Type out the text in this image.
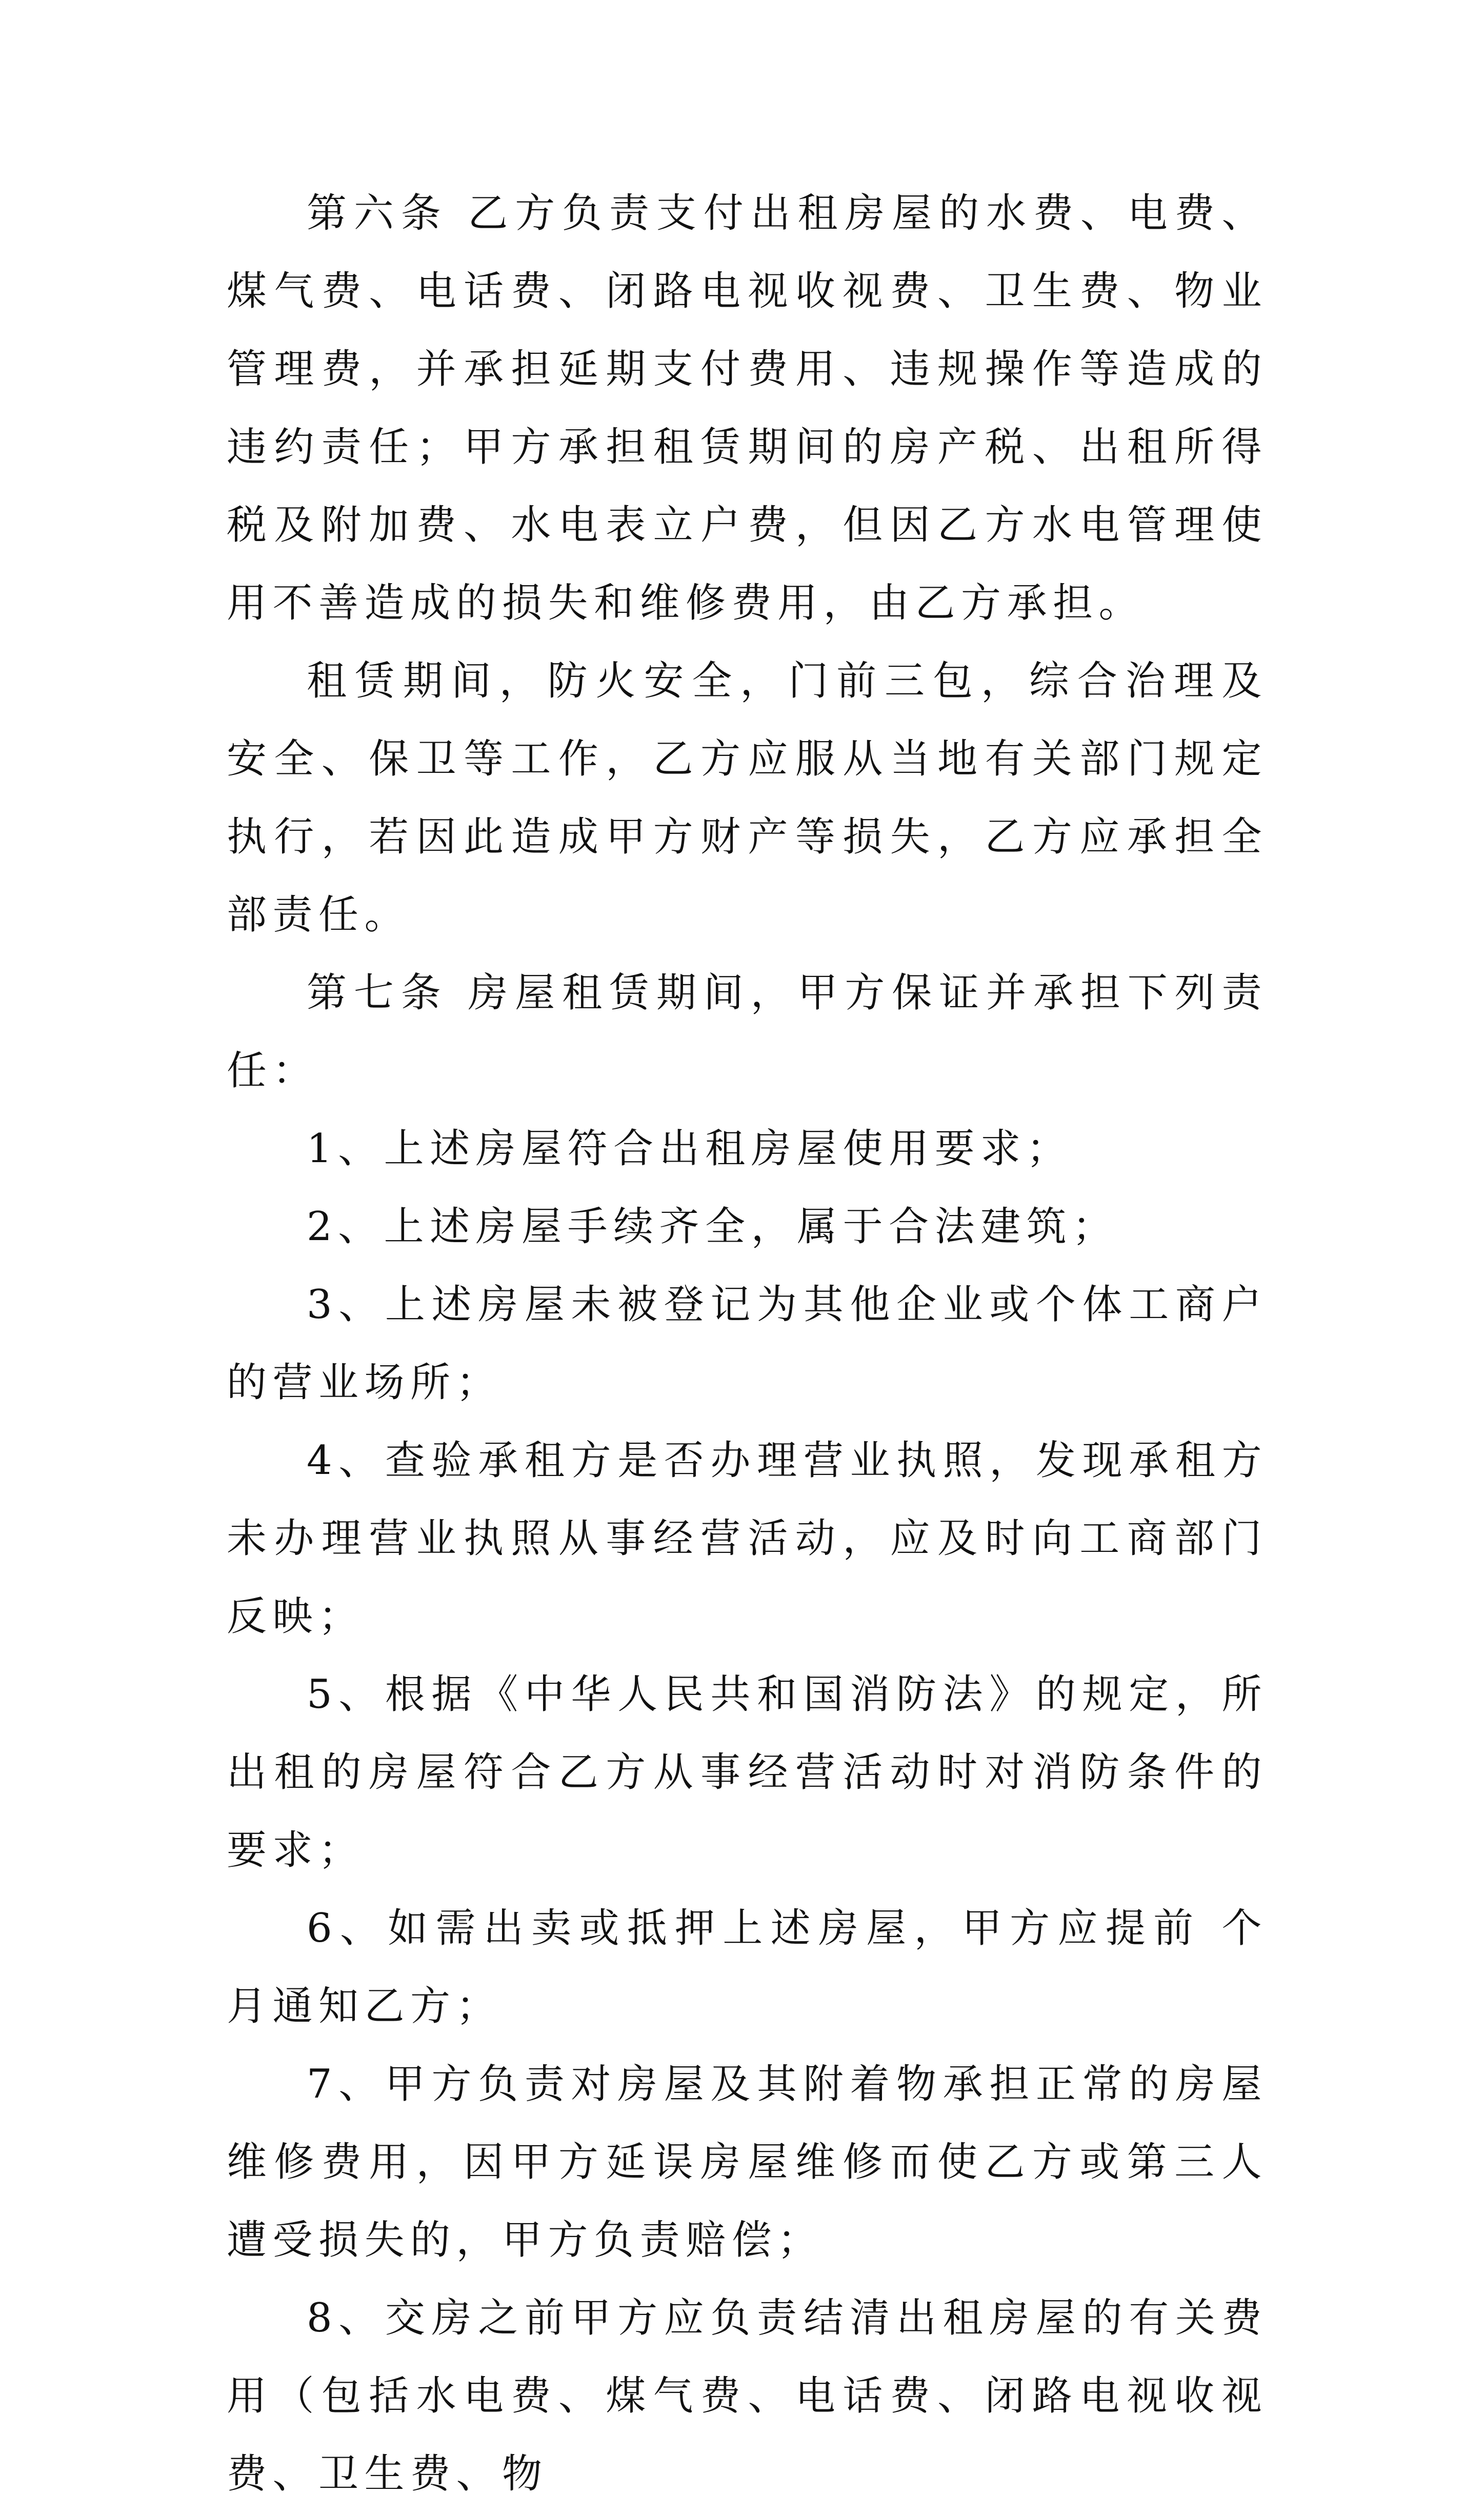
第六条 乙方负责支付出租房屋的水费、电费、煤气费、电话费、闭路电视收视费、卫生费、物业管理费，并承担延期支付费用、违规操作等造成的违约责任；甲方承担租赁期间的房产税、出租所得税及附加费、水电表立户费，但因乙方水电管理使用不善造成的损失和维修费用，由乙方承担。

租赁期间，防火安全，门前三包，综合治理及安全、保卫等工作，乙方应服从当地有关部门规定执行，若因此造成甲方财产等损失，乙方应承担全部责任。

第七条 房屋租赁期间，甲方保证并承担下列责任：

1、上述房屋符合出租房屋使用要求；

2、上述房屋手续齐全，属于合法建筑；

3、上述房屋未被登记为其他企业或个体工商户的营业场所；

4、查验承租方是否办理营业执照，发现承租方未办理营业执照从事经营活动，应及时向工商部门反映；

5、根据《中华人民共和国消防法》的规定，所出租的房屋符合乙方从事经营活动时对消防条件的要求；

6、如需出卖或抵押上述房屋，甲方应提前 个月通知乙方；

7、甲方负责对房屋及其附着物承担正常的房屋维修费用，因甲方延误房屋维修而使乙方或第三人遭受损失的，甲方负责赔偿；

8、交房之前甲方应负责结清出租房屋的有关费用（包括水电费、煤气费、电话费、闭路电视收视费、卫生费、物
